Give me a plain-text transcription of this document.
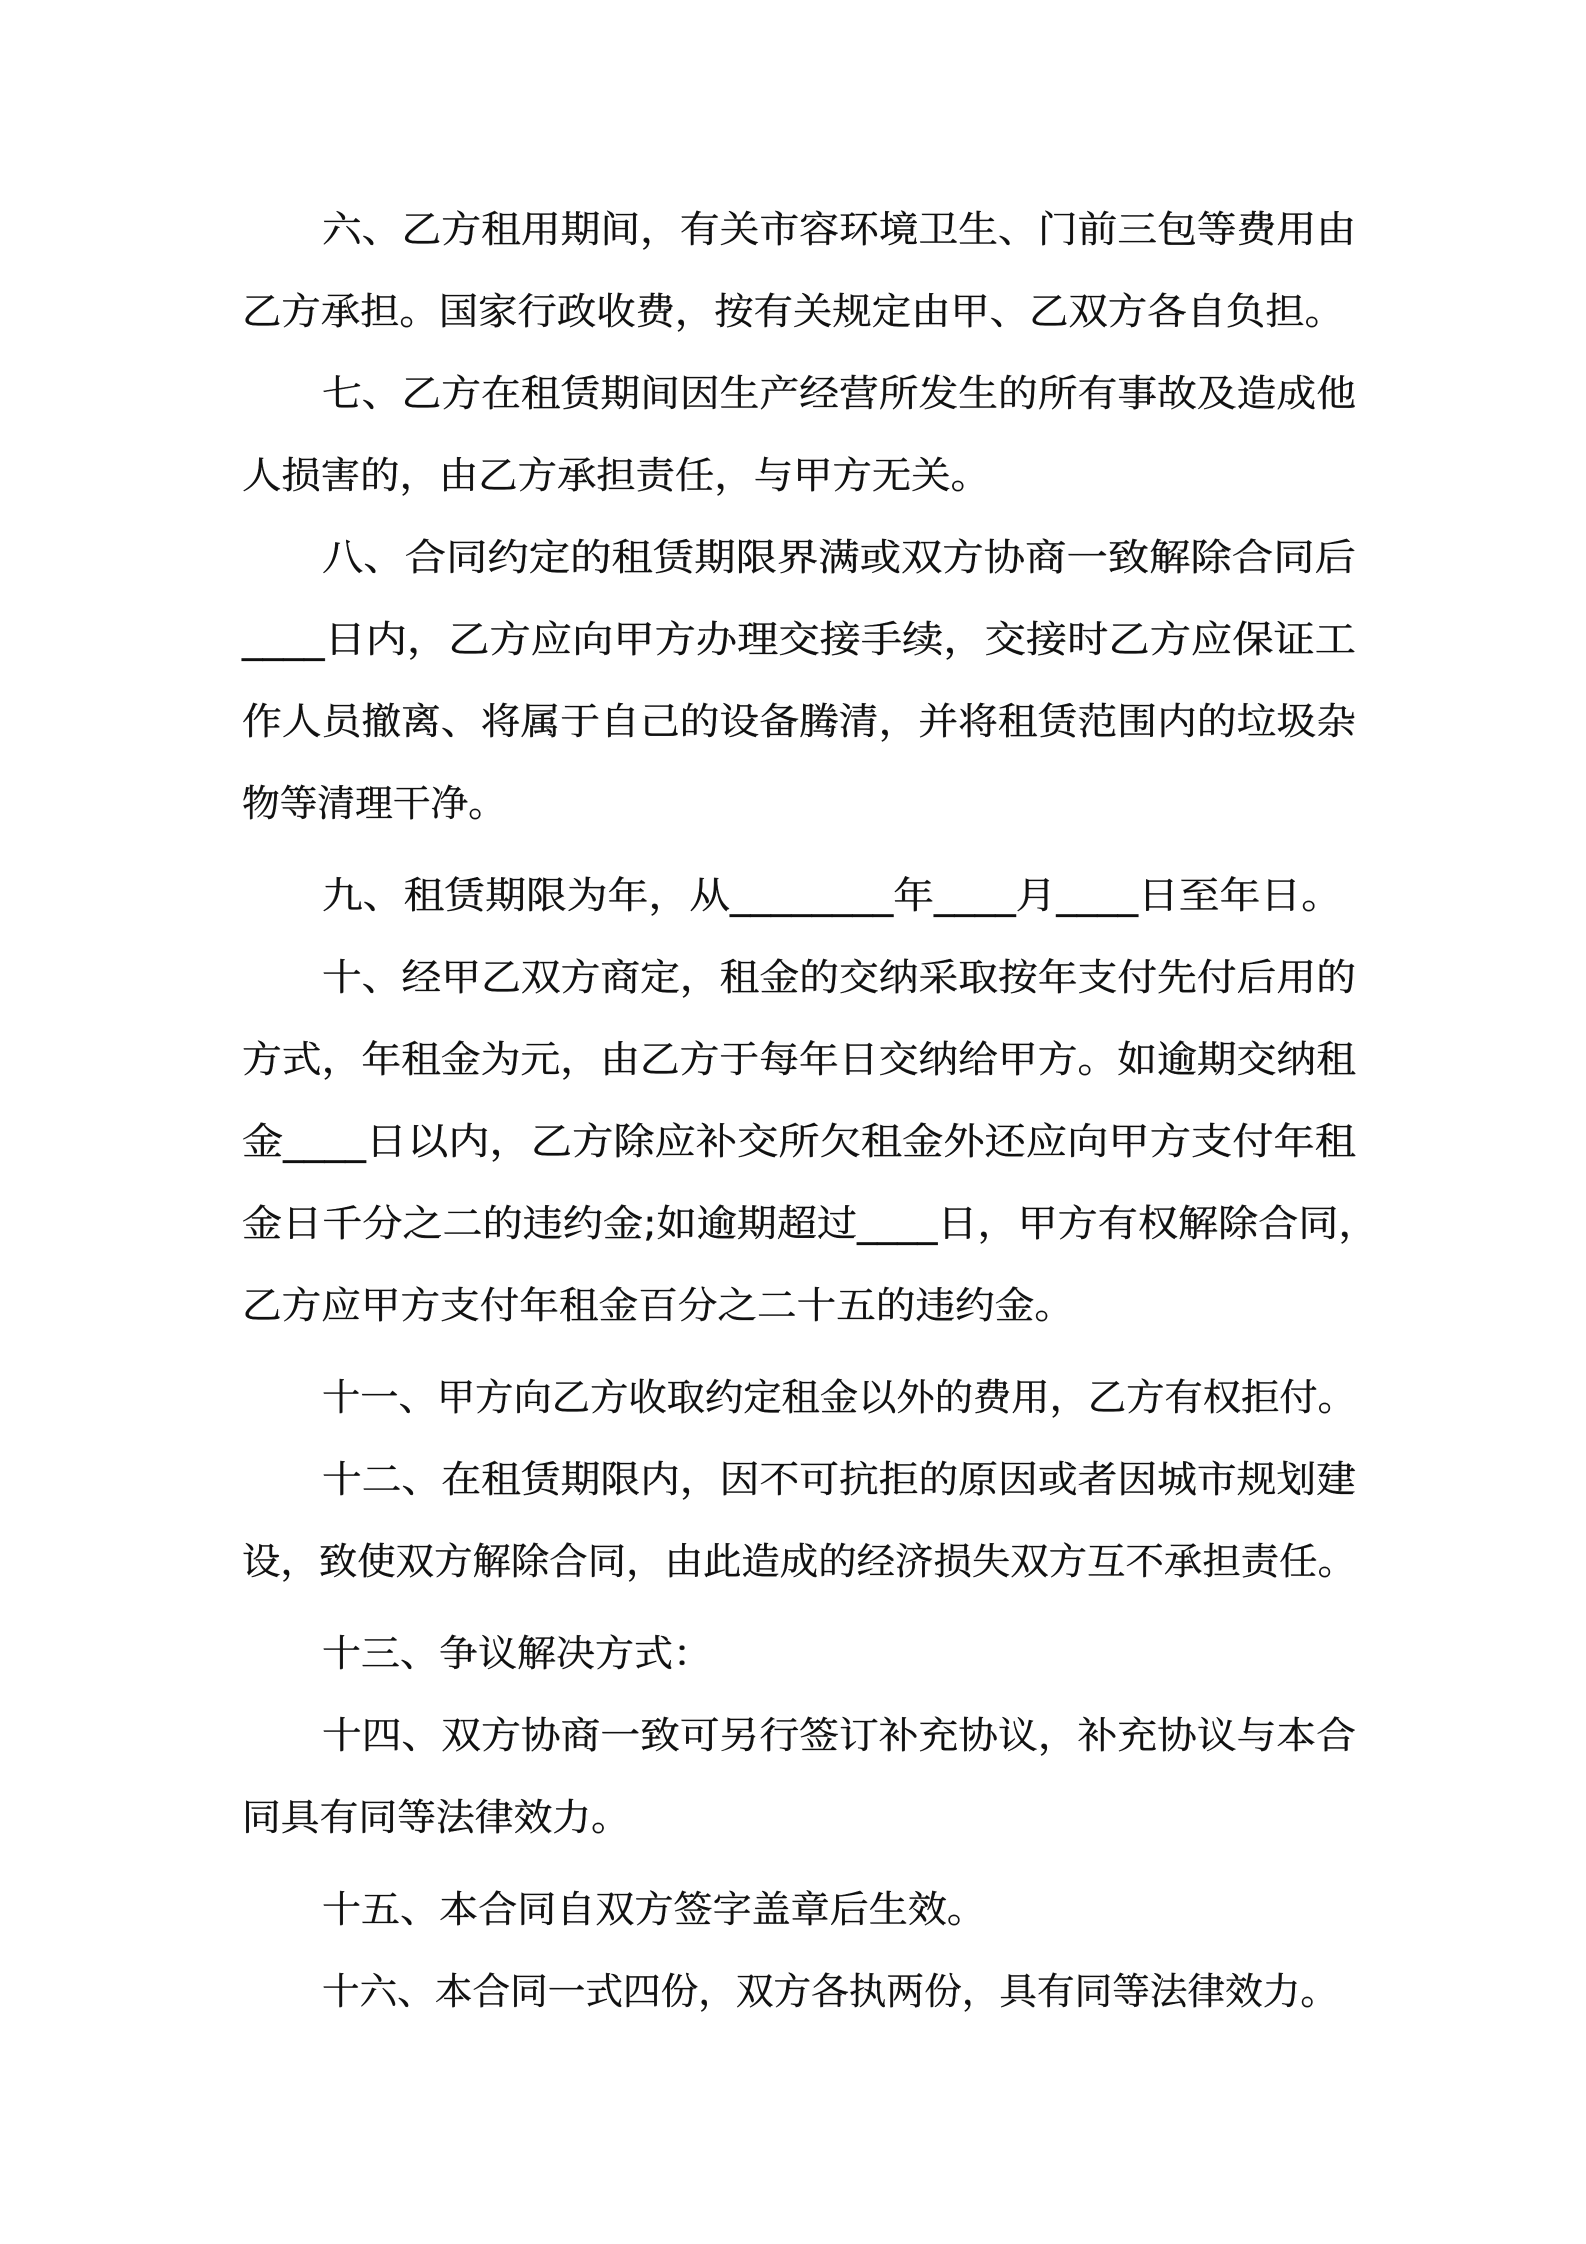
六、乙方租用期间，有关市容环境卫生、门前三包等费用由

乙方承担。国家行政收费，按有关规定由甲、乙双方各自负担。

七、乙方在租赁期间因生产经营所发生的所有事故及造成他

人损害的，由乙方承担责任，与甲方无关。

八、合同约定的租赁期限界满或双方协商一致解除合同后

____日内，乙方应向甲方办理交接手续，交接时乙方应保证工

作人员撤离、将属于自己的设备腾清，并将租赁范围内的垃圾杂

物等清理干净。

九、租赁期限为年，从________年____月____日至年日。

十、经甲乙双方商定，租金的交纳采取按年支付先付后用的

方式，年租金为元，由乙方于每年日交纳给甲方。如逾期交纳租

金____日以内，乙方除应补交所欠租金外还应向甲方支付年租

金日千分之二的违约金;如逾期超过____日，甲方有权解除合同，

乙方应甲方支付年租金百分之二十五的违约金。

十一、甲方向乙方收取约定租金以外的费用，乙方有权拒付。

十二、在租赁期限内，因不可抗拒的原因或者因城市规划建

设，致使双方解除合同，由此造成的经济损失双方互不承担责任。

十三、争议解决方式：

十四、双方协商一致可另行签订补充协议，补充协议与本合

同具有同等法律效力。

十五、本合同自双方签字盖章后生效。

十六、本合同一式四份，双方各执两份，具有同等法律效力。
